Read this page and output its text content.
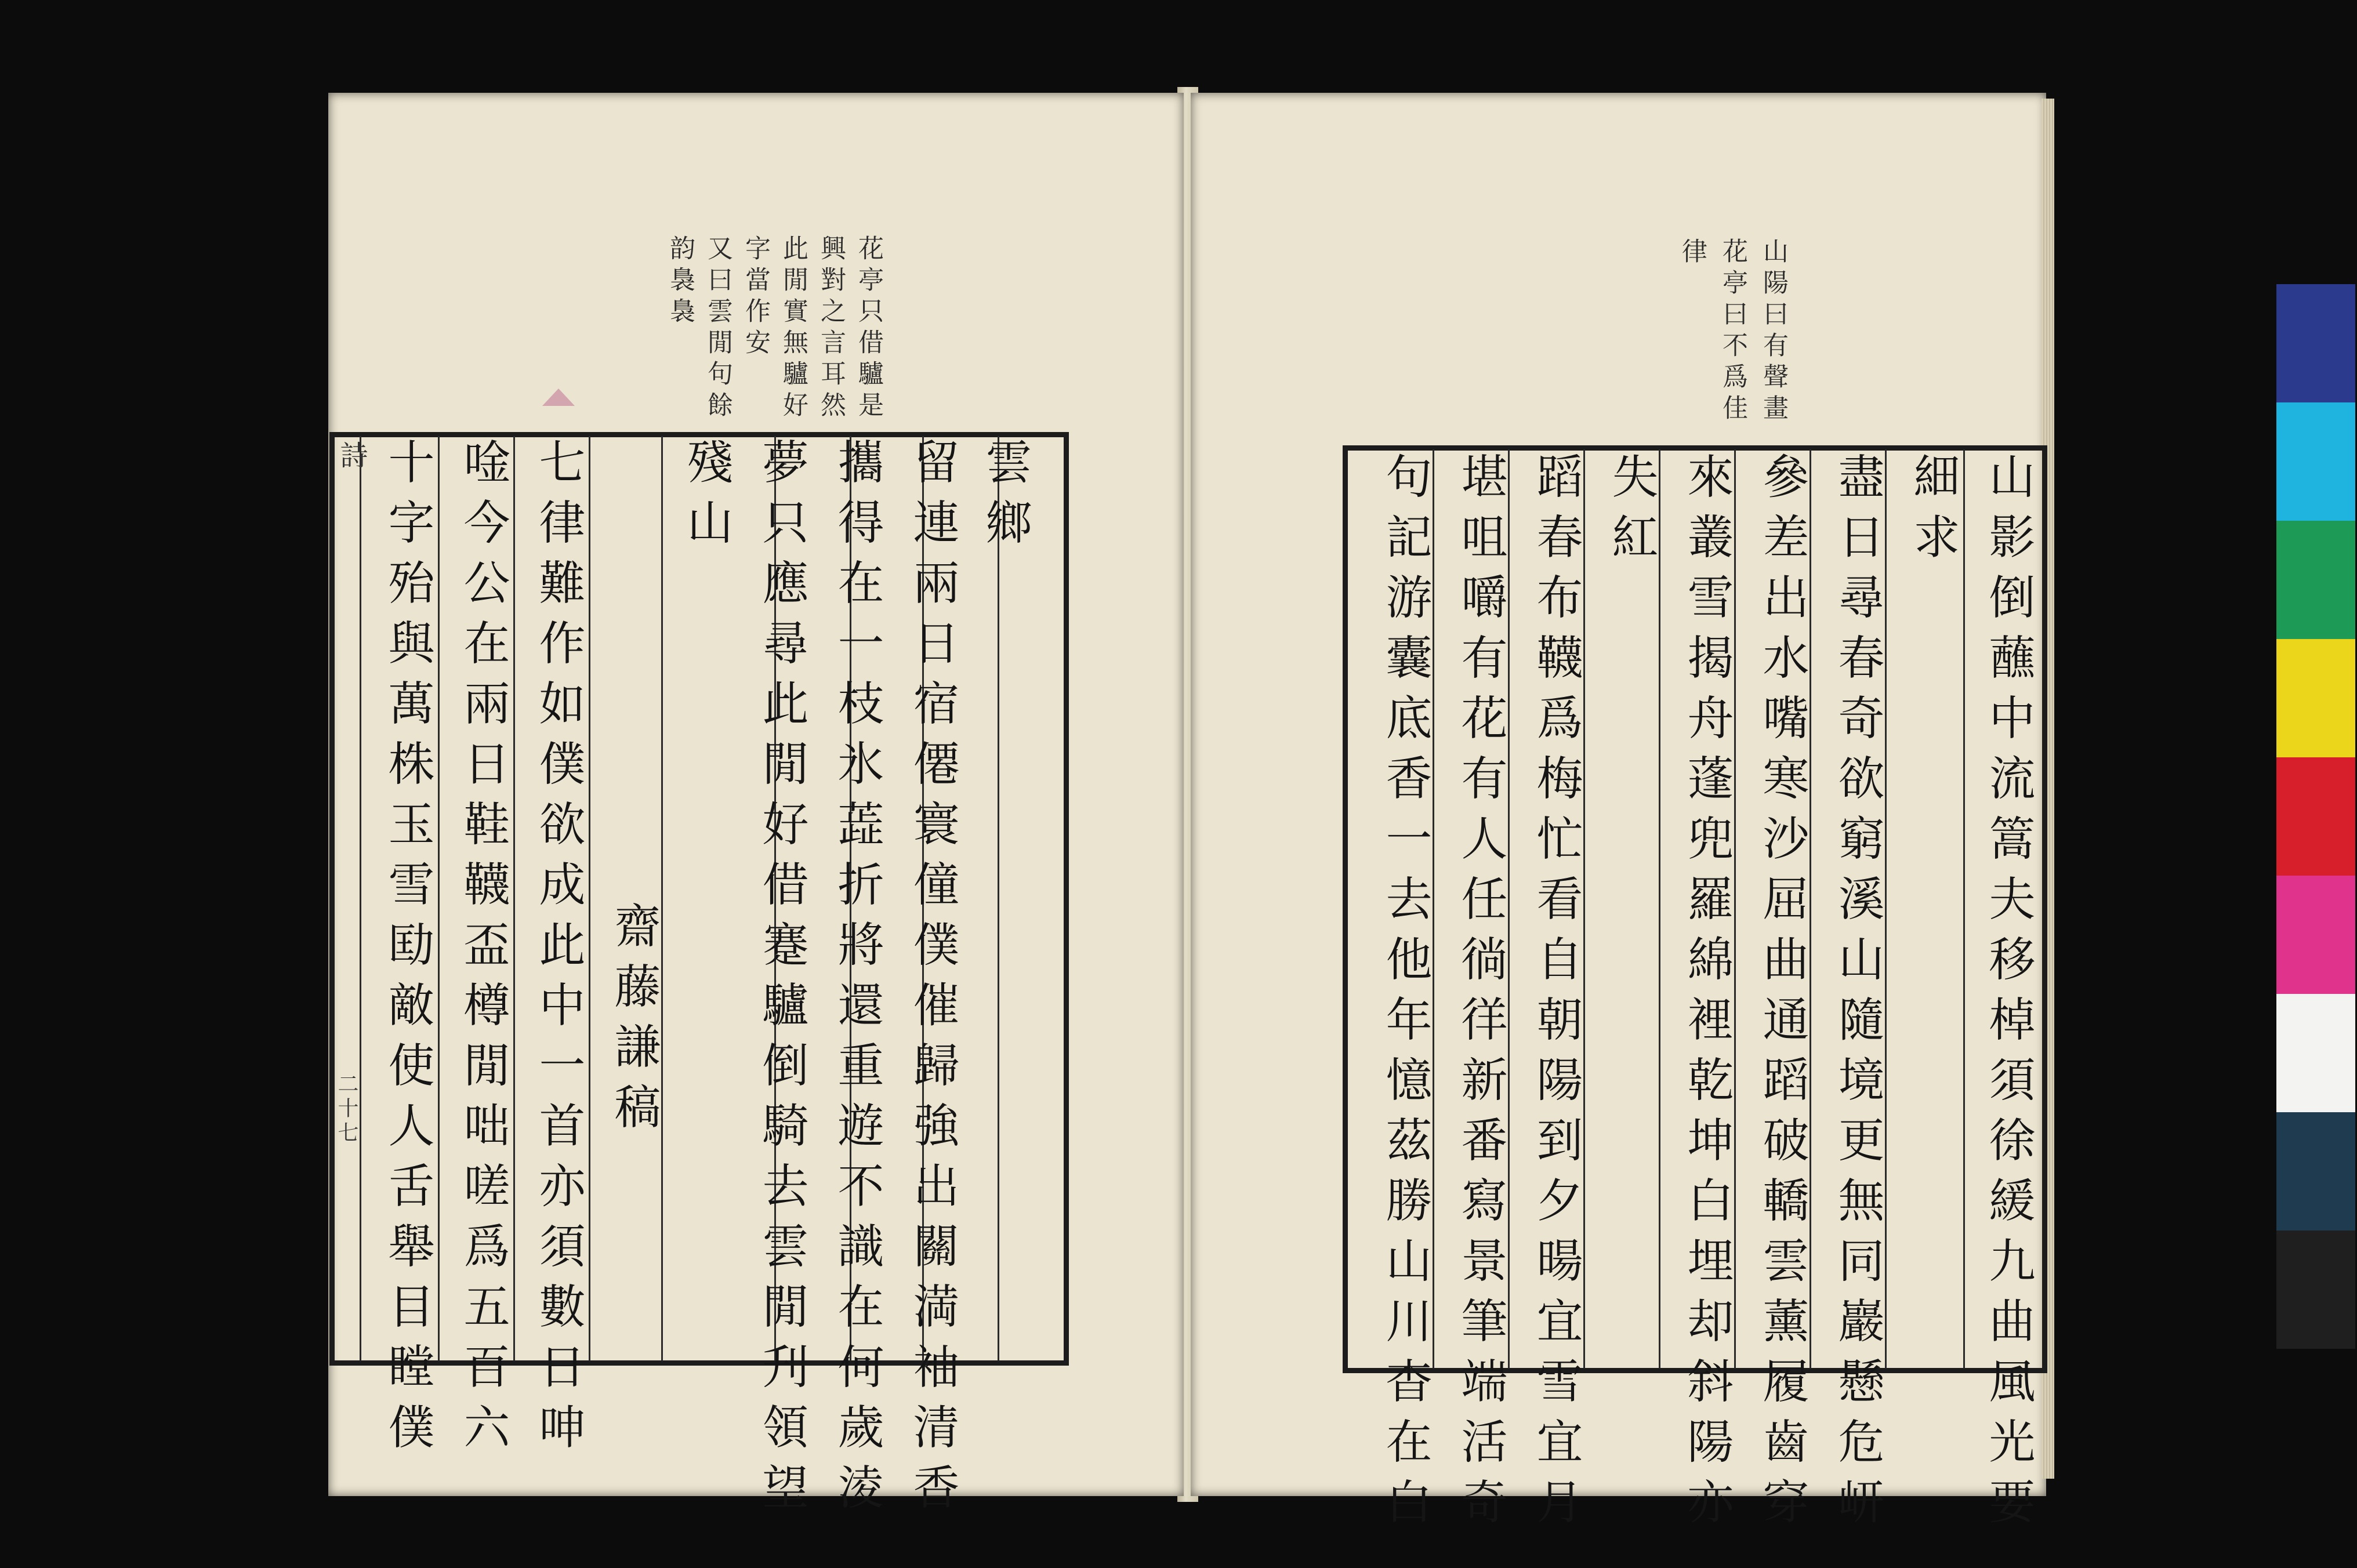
花亭只借驢是
興對之言耳然
此閒實無驢好
字當作安
又曰雲閒句餘
韵裊裊
雲鄉
留連兩日宿僊寰僮僕催歸強出關満袖清香
攜得在一枝氷蕋折將還重遊不識在何歲淩
夢只應尋此閒好借蹇驢倒騎去雲閒刋領望
殘山
齋藤謙稿
七律難作如僕欲成此中一首亦須數日呻
唫今公在兩日鞋韈盃樽閒咄嗟爲五百六
十字殆與萬株玉雪劻敵使人舌舉目瞠僕
詩
二十七
山陽曰有聲畫
花亭曰不爲佳
律
山影倒蘸中流篙夫移棹須徐緩九曲風光要
細求
盡日尋春奇欲窮溪山隨境更無同巖懸危岍
參差出水嘴寒沙屈曲通蹈破轎雲薰履齒穿
來叢雪揭舟蓬兜羅綿裡乾坤白埋却斜陽亦
失紅
蹈春布韈爲梅忙看自朝陽到夕暘宜雪宜月
堪咀嚼有花有人任徜徉新番寫景筆端活奇
句記游囊底香一去他年憶茲勝山川杳在白
